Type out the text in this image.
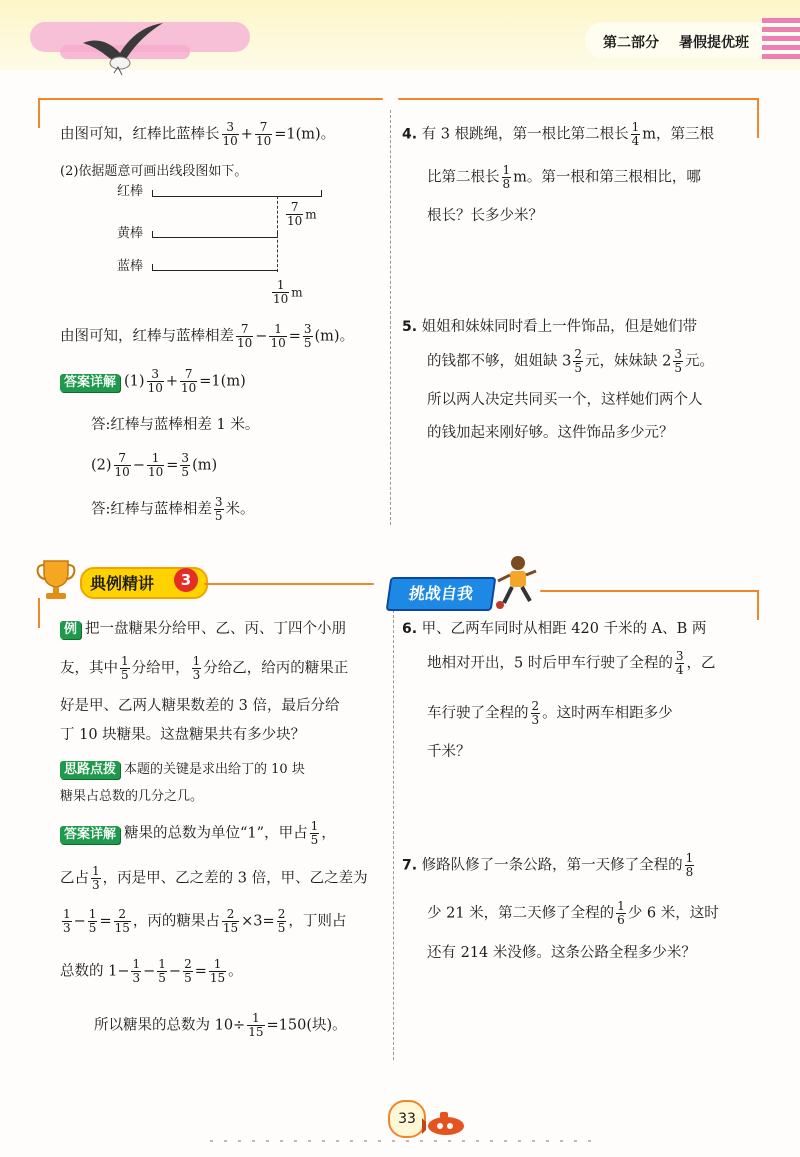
第二部分 暑假提优班
由图可知，红棒比蓝棒长 $\frac{3}{10} + \frac{7}{10} =1(m)$。
(2)依据题意可画出线段图如下。
红棒
黄棒
蓝棒
$\frac{7}{10}$ m
$\frac{1}{10}$ m
由图可知，红棒与蓝棒相差 $\frac{7}{10} - \frac{1}{10} = \frac{3}{5} (m)$。
答案详解 $(1) \frac{3}{10} + \frac{7}{10} =1(m)$
答:红棒与蓝棒相差 1 米。
$(2) \frac{7}{10} - \frac{1}{10} = \frac{3}{5} (m)$
答:红棒与蓝棒相差 $\frac{3}{5}$ 米。
4. 有 3 根跳绳，第一根比第二根长 $\frac{1}{4}$ m，第三根
比第二根长 $\frac{1}{8}$ m。第一根和第三根相比，哪
根长？长多少米？
5. 姐姐和妹妹同时看上一件饰品，但是她们带
的钱都不够，姐姐缺 $3 \frac{2}{5}$ 元，妹妹缺 $2 \frac{3}{5}$ 元。
所以两人决定共同买一个，这样她们两个人
的钱加起来刚好够。这件饰品多少元？
典例精讲	3
挑战自我
例 把一盘糖果分给甲、乙、丙、丁四个小朋
友，其中 $\frac{1}{5}$ 分给甲， $\frac{1}{3}$ 分给乙，给丙的糖果正
好是甲、乙两人糖果数差的 3 倍，最后分给
丁 10 块糖果。这盘糖果共有多少块？
思路点拨 本题的关键是求出给丁的 10 块
糖果占总数的几分之几。
答案详解 糖果的总数为单位“1”，甲占 $\frac{1}{5}$ ，
乙占 $\frac{1}{3}$ ，丙是甲、乙之差的 3 倍，甲、乙之差为
$\frac{1}{3} - \frac{1}{5} = \frac{2}{15}$ ，丙的糖果占 $\frac{2}{15} \times 3= \frac{2}{5}$ ，丁则占
总数的 $1- \frac{1}{3} - \frac{1}{5} - \frac{2}{5} = \frac{1}{15}$ 。
所以糖果的总数为 $10\div \frac{1}{15} =150$(块)。
6. 甲、乙两车同时从相距 420 千米的 A、B 两
地相对开出，5 时后甲车行驶了全程的 $\frac{3}{4}$ ，乙
车行驶了全程的 $\frac{2}{3}$ 。这时两车相距多少
千米？
7. 修路队修了一条公路，第一天修了全程的 $\frac{1}{8}$
少 21 米，第二天修了全程的 $\frac{1}{6}$ 少 6 米，这时
还有 214 米没修。这条公路全程多少米？
33
